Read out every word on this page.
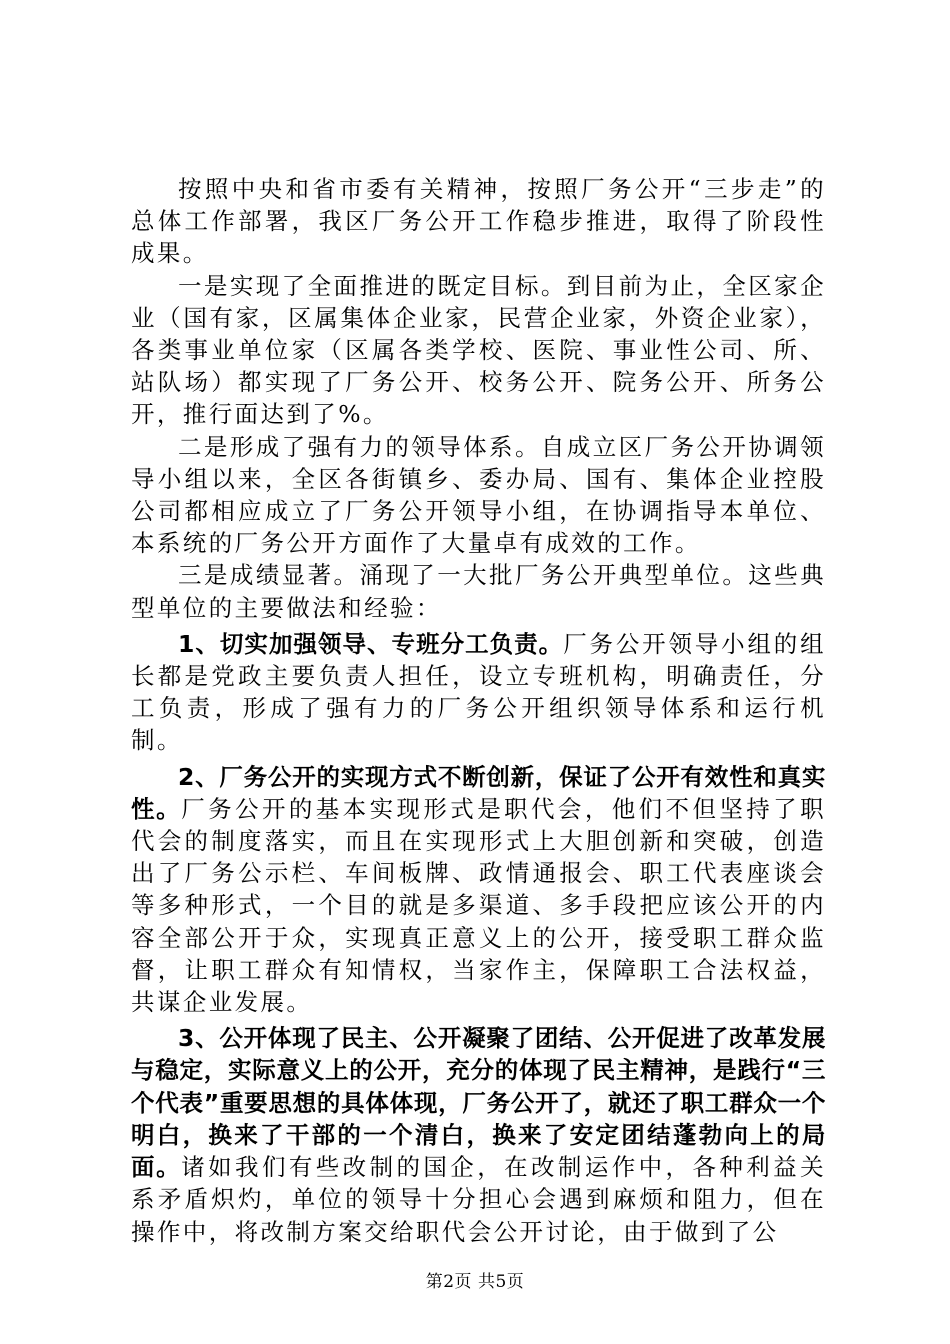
按照中央和省市委有关精神，按照厂务公开“三步走”的总体工作部署，我区厂务公开工作稳步推进，取得了阶段性成果。

一是实现了全面推进的既定目标。到目前为止，全区家企业（国有家，区属集体企业家，民营企业家，外资企业家），各类事业单位家（区属各类学校、医院、事业性公司、所、站队场）都实现了厂务公开、校务公开、院务公开、所务公开，推行面达到了%。

二是形成了强有力的领导体系。自成立区厂务公开协调领导小组以来，全区各街镇乡、委办局、国有、集体企业控股公司都相应成立了厂务公开领导小组，在协调指导本单位、本系统的厂务公开方面作了大量卓有成效的工作。

三是成绩显著。涌现了一大批厂务公开典型单位。这些典型单位的主要做法和经验：

1、切实加强领导、专班分工负责。厂务公开领导小组的组长都是党政主要负责人担任，设立专班机构，明确责任，分工负责，形成了强有力的厂务公开组织领导体系和运行机制。

2、厂务公开的实现方式不断创新，保证了公开有效性和真实性。厂务公开的基本实现形式是职代会，他们不但坚持了职代会的制度落实，而且在实现形式上大胆创新和突破，创造出了厂务公示栏、车间板牌、政情通报会、职工代表座谈会等多种形式，一个目的就是多渠道、多手段把应该公开的内容全部公开于众，实现真正意义上的公开，接受职工群众监督，让职工群众有知情权，当家作主，保障职工合法权益，共谋企业发展。

3、公开体现了民主、公开凝聚了团结、公开促进了改革发展与稳定，实际意义上的公开，充分的体现了民主精神，是践行“三个代表”重要思想的具体体现，厂务公开了，就还了职工群众一个明白，换来了干部的一个清白，换来了安定团结蓬勃向上的局面。诸如我们有些改制的国企，在改制运作中，各种利益关系矛盾炽灼，单位的领导十分担心会遇到麻烦和阻力，但在操作中，将改制方案交给职代会公开讨论，由于做到了公

第2页 共5页
